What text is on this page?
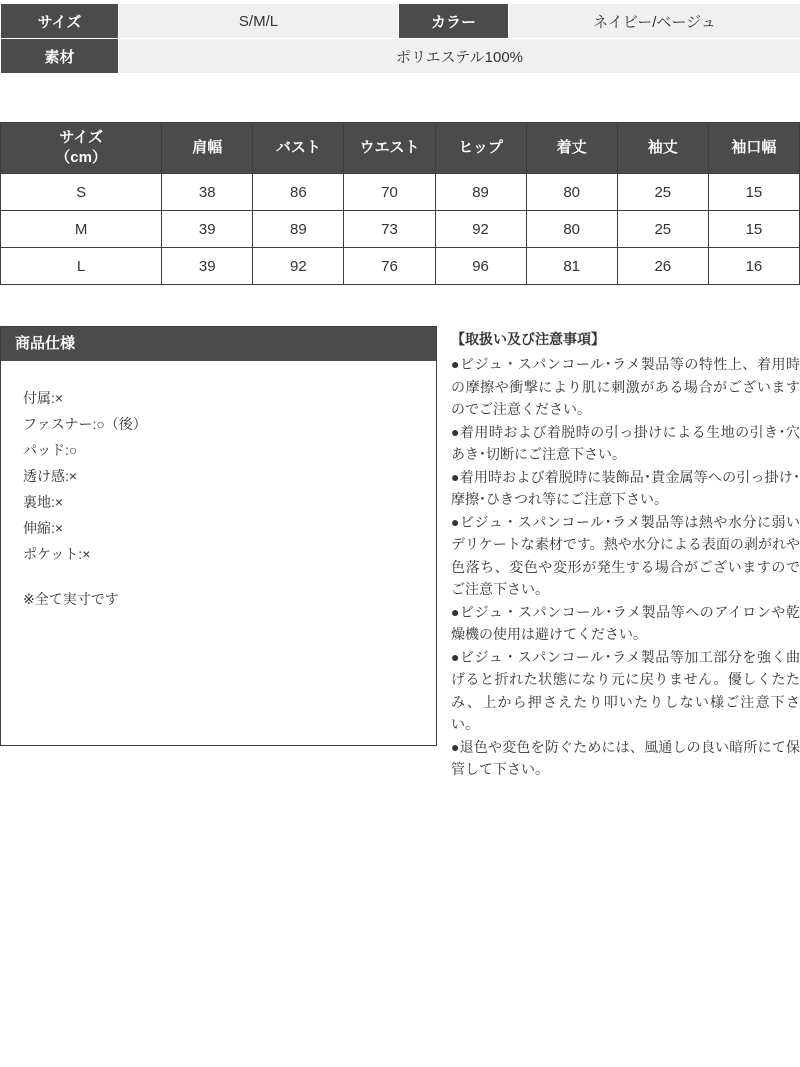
サイズ	S/M/L	カラー	ネイビー/ベージュ
素材	ポリエステル100%		
サイズ
（cm）	肩幅	バスト	ウエスト	ヒップ	着丈	袖丈	袖口幅
S	38	86	70	89	80	25	15
M	39	89	73	92	80	25	15
L	39	92	76	96	81	26	16
商品仕様
付属:×
ファスナー:○（後）
パッド:○
透け感:×
裏地:×
伸縮:×
ポケット:×
※全て実寸です
【取扱い及び注意事項】

●ビジュ・スパンコール･ラメ製品等の特性上、着用時の摩擦や衝撃により肌に刺激がある場合がございますのでご注意ください。

●着用時および着脱時の引っ掛けによる生地の引き･穴あき･切断にご注意下さい。

●着用時および着脱時に装飾品･貴金属等への引っ掛け･摩擦･ひきつれ等にご注意下さい。

●ビジュ・スパンコール･ラメ製品等は熱や水分に弱いデリケートな素材です。熱や水分による表面の剥がれや色落ち、変色や変形が発生する場合がございますのでご注意下さい。

●ビジュ・スパンコール･ラメ製品等へのアイロンや乾燥機の使用は避けてください。

●ビジュ・スパンコール･ラメ製品等加工部分を強く曲げると折れた状態になり元に戻りません。優しくたたみ、上から押さえたり叩いたりしない様ご注意下さい。

●退色や変色を防ぐためには、風通しの良い暗所にて保管して下さい。
